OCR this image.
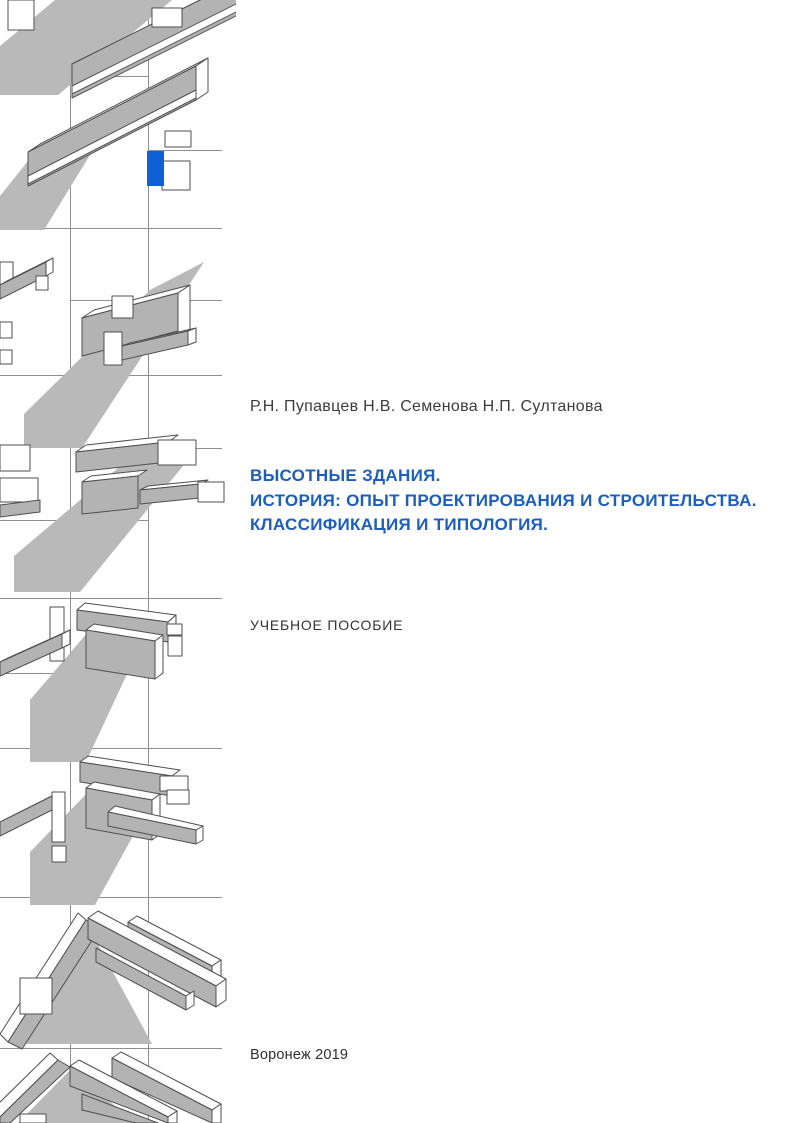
Р.Н. Пупавцев Н.В. Семенова Н.П. Султанова
ВЫСОТНЫЕ ЗДАНИЯ.
ИСТОРИЯ: ОПЫТ ПРОЕКТИРОВАНИЯ И СТРОИТЕЛЬСТВА.
КЛАССИФИКАЦИЯ И ТИПОЛОГИЯ.
УЧЕБНОЕ ПОСОБИЕ
Воронеж 2019
